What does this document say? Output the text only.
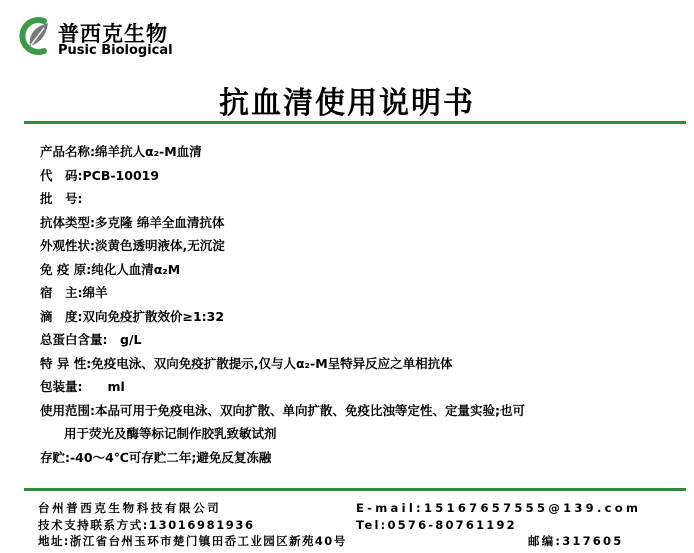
普西克生物
Pusic Biological
抗血清使用说明书
产品名称:绵羊抗人α₂-M血清
代　码:PCB-10019
批　号:
抗体类型:多克隆 绵羊全血清抗体
外观性状:淡黄色透明液体,无沉淀
免 疫 原:纯化人血清α₂M
宿　主:绵羊
滴　度:双向免疫扩散效价≥1:32
总蛋白含量:　g/L
特 异 性:免疫电泳、双向免疫扩散提示,仅与人α₂-M呈特异反应之单相抗体
包装量:　　ml
使用范围:本品可用于免疫电泳、双向扩散、单向扩散、免疫比浊等定性、定量实验;也可
用于荧光及酶等标记制作胶乳致敏试剂
存贮:-40～4℃可存贮二年;避免反复冻融
台州普西克生物科技有限公司	E-mail:15167657555@139.com
技术支持联系方式:13016981936	Tel:0576-80761192
地址:浙江省台州玉环市楚门镇田岙工业园区新苑40号	邮编:317605
